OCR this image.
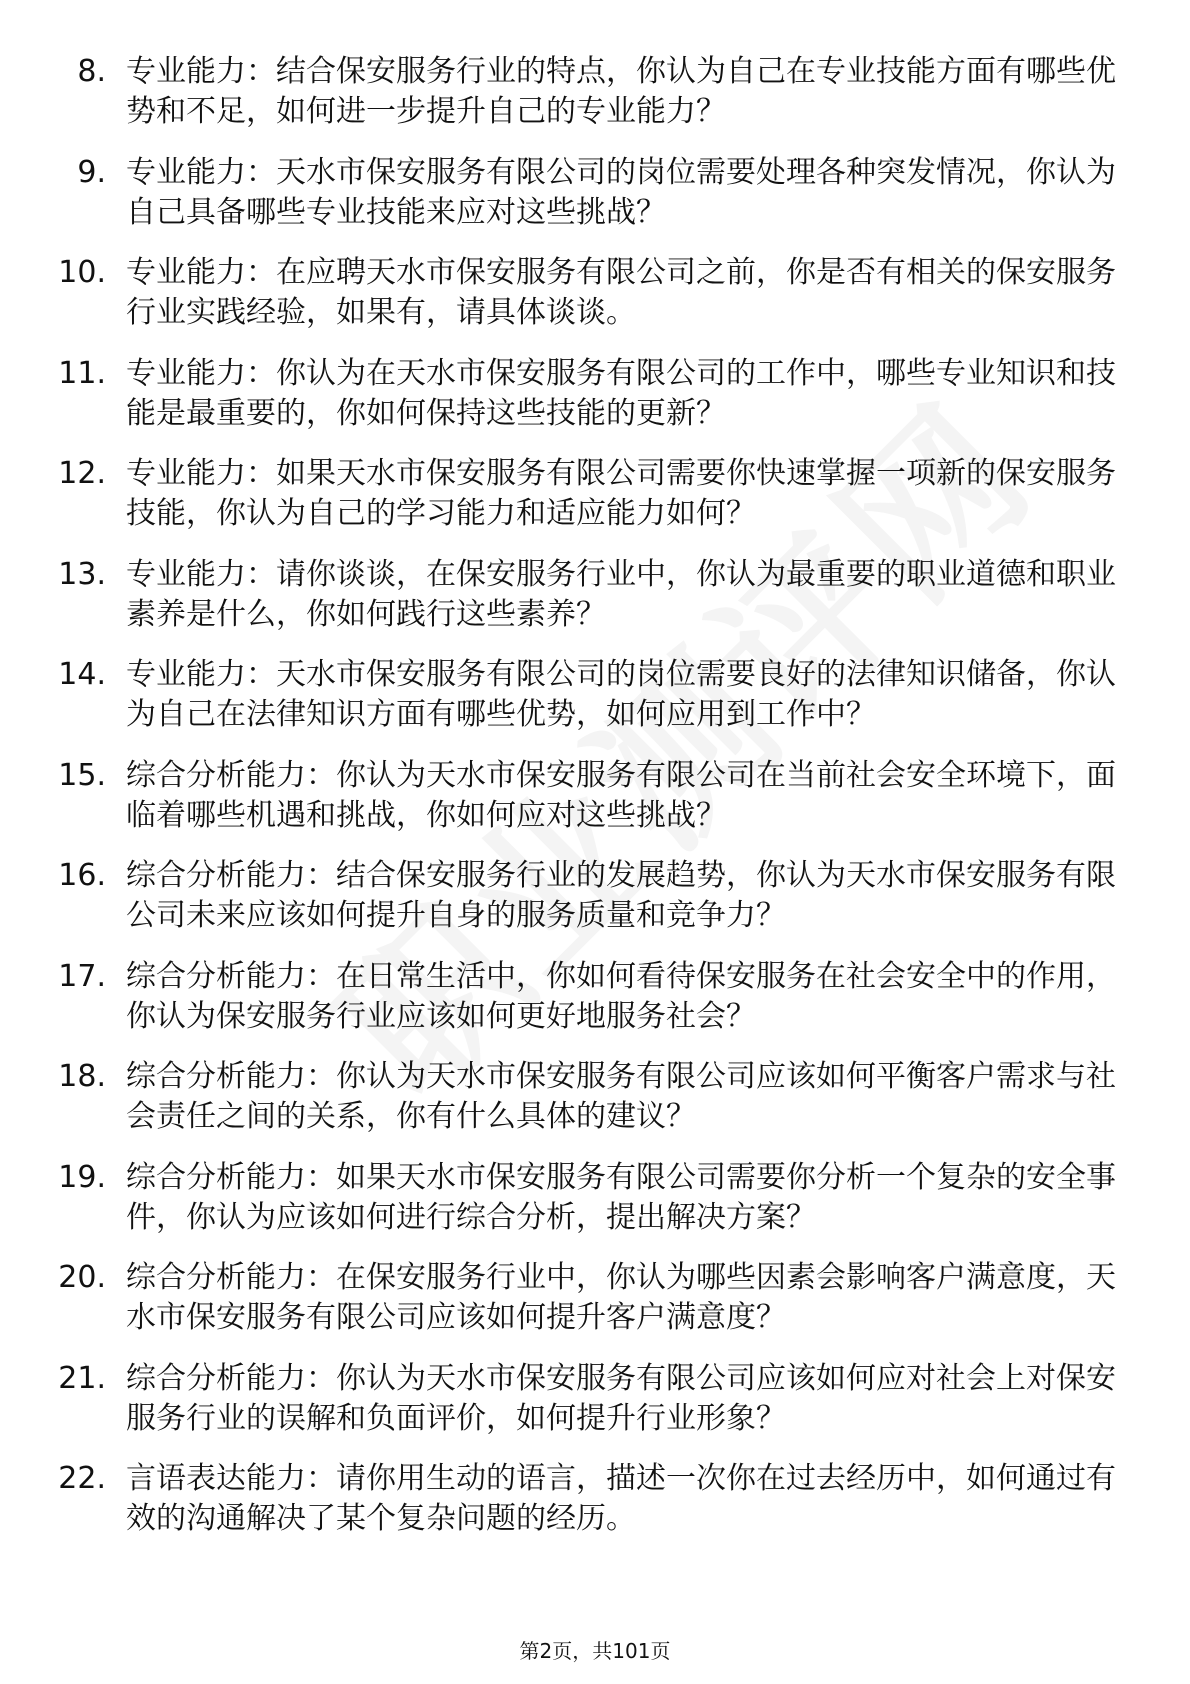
8. 专业能力：结合保安服务行业的特点，你认为自己在专业技能方面有哪些优势和不足，如何进一步提升自己的专业能力？
9. 专业能力：天水市保安服务有限公司的岗位需要处理各种突发情况，你认为自己具备哪些专业技能来应对这些挑战？
10. 专业能力：在应聘天水市保安服务有限公司之前，你是否有相关的保安服务行业实践经验，如果有，请具体谈谈。
11. 专业能力：你认为在天水市保安服务有限公司的工作中，哪些专业知识和技能是最重要的，你如何保持这些技能的更新？
12. 专业能力：如果天水市保安服务有限公司需要你快速掌握一项新的保安服务技能，你认为自己的学习能力和适应能力如何？
13. 专业能力：请你谈谈，在保安服务行业中，你认为最重要的职业道德和职业素养是什么，你如何践行这些素养？
14. 专业能力：天水市保安服务有限公司的岗位需要良好的法律知识储备，你认为自己在法律知识方面有哪些优势，如何应用到工作中？
15. 综合分析能力：你认为天水市保安服务有限公司在当前社会安全环境下，面临着哪些机遇和挑战，你如何应对这些挑战？
16. 综合分析能力：结合保安服务行业的发展趋势，你认为天水市保安服务有限公司未来应该如何提升自身的服务质量和竞争力？
17. 综合分析能力：在日常生活中，你如何看待保安服务在社会安全中的作用，你认为保安服务行业应该如何更好地服务社会？
18. 综合分析能力：你认为天水市保安服务有限公司应该如何平衡客户需求与社会责任之间的关系，你有什么具体的建议？
19. 综合分析能力：如果天水市保安服务有限公司需要你分析一个复杂的安全事件，你认为应该如何进行综合分析，提出解决方案？
20. 综合分析能力：在保安服务行业中，你认为哪些因素会影响客户满意度，天水市保安服务有限公司应该如何提升客户满意度？
21. 综合分析能力：你认为天水市保安服务有限公司应该如何应对社会上对保安服务行业的误解和负面评价，如何提升行业形象？
22. 言语表达能力：请你用生动的语言，描述一次你在过去经历中，如何通过有效的沟通解决了某个复杂问题的经历。
第2页，共101页
